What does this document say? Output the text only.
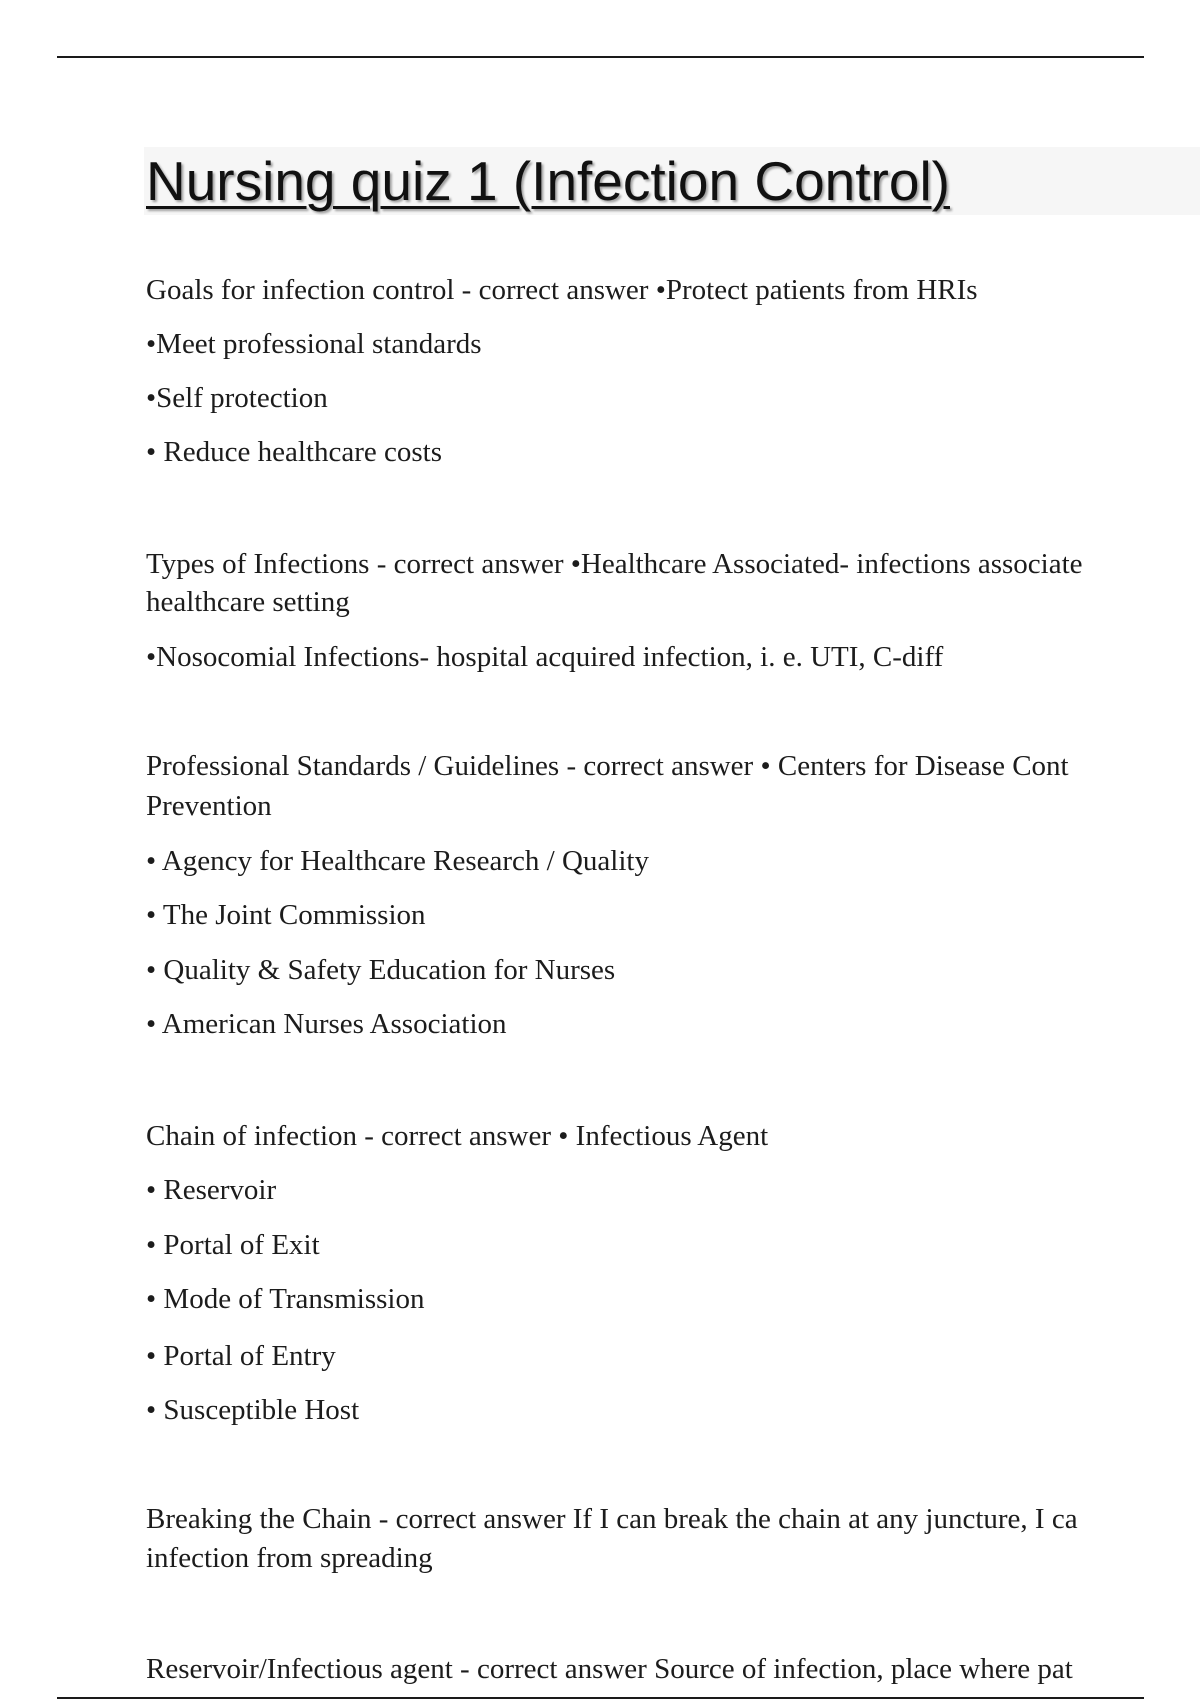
Nursing quiz 1 (Infection Control)

Goals for infection control - correct answer •Protect patients from HRIs

•Meet professional standards

•Self protection

• Reduce healthcare costs

Types of Infections - correct answer •Healthcare Associated- infections associate

healthcare setting

•Nosocomial Infections- hospital acquired infection, i. e. UTI, C-diff

Professional Standards / Guidelines - correct answer • Centers for Disease Cont

Prevention

• Agency for Healthcare Research / Quality

• The Joint Commission

• Quality & Safety Education for Nurses

• American Nurses Association

Chain of infection - correct answer • Infectious Agent

• Reservoir

• Portal of Exit

• Mode of Transmission

• Portal of Entry

• Susceptible Host

Breaking the Chain - correct answer If I can break the chain at any juncture, I ca

infection from spreading

Reservoir/Infectious agent - correct answer Source of infection, place where pat
